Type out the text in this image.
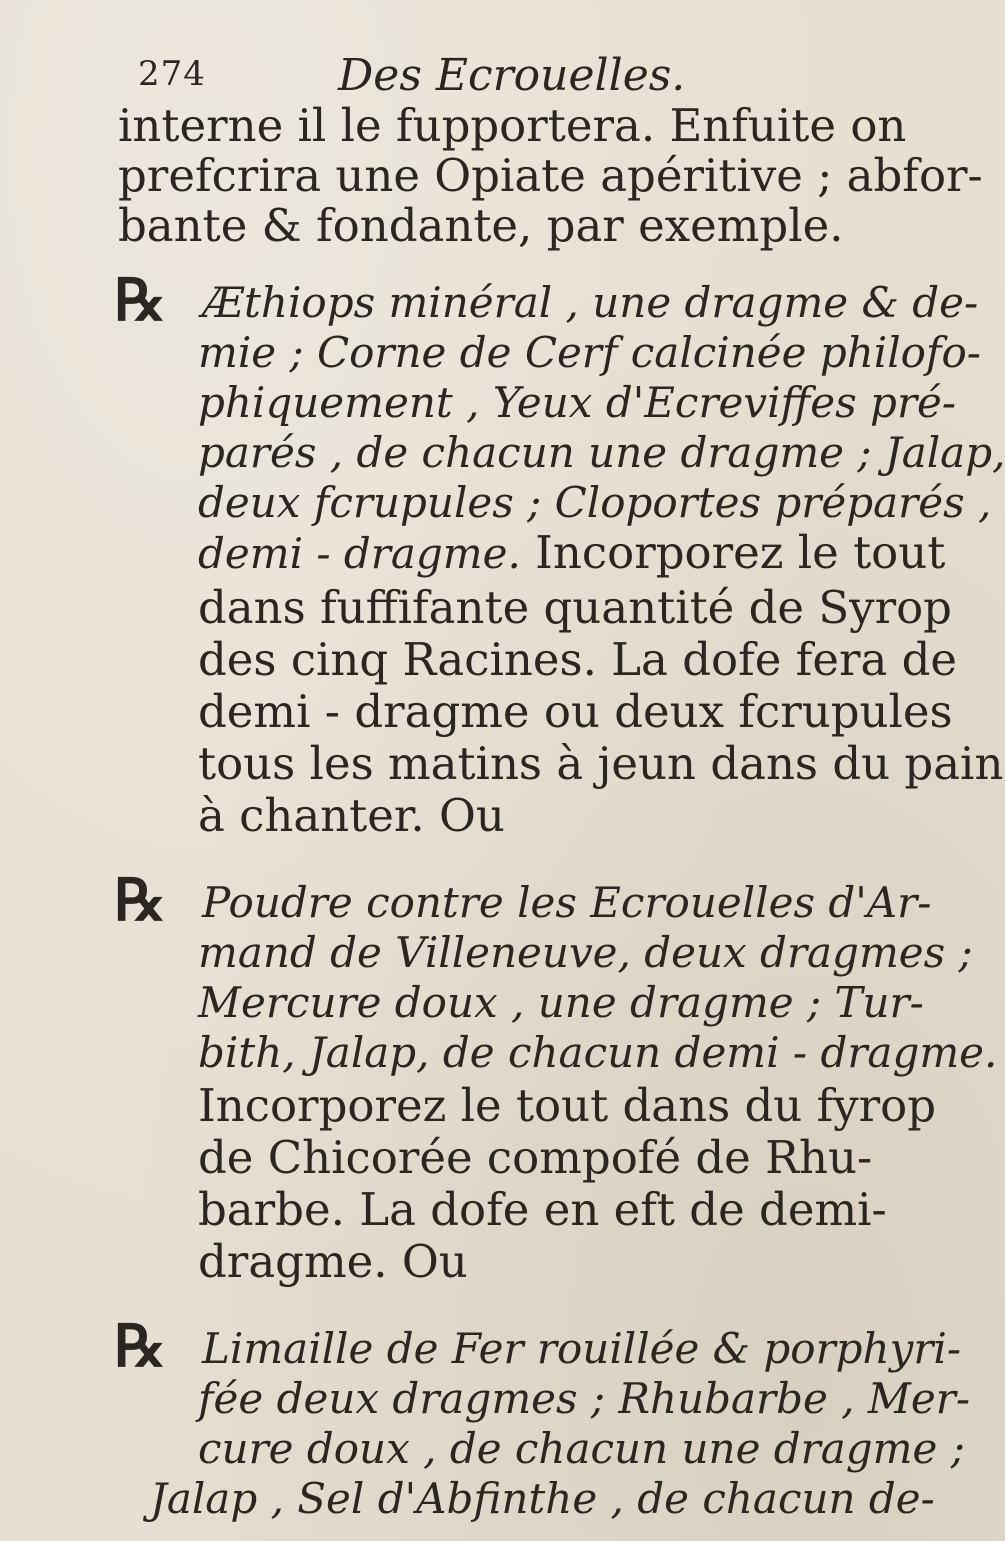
274	Des Ecrouelles.
interne il le fupportera. Enfuite on
prefcrira une Opiate apéritive ; abfor-
bante & fondante, par exemple.
℞ Æthiops minéral , une dragme & de-
mie ; Corne de Cerf calcinée philofo-
phiquement , Yeux d'Ecreviffes pré-
parés , de chacun une dragme ; Jalap,
deux fcrupules ; Cloportes préparés ,
demi - dragme. Incorporez le tout
dans fuffifante quantité de Syrop
des cinq Racines. La dofe fera de
demi - dragme ou deux fcrupules
tous les matins à jeun dans du pain
à chanter. Ou
℞ Poudre contre les Ecrouelles d'Ar-
mand de Villeneuve, deux dragmes ;
Mercure doux , une dragme ; Tur-
bith, Jalap, de chacun demi - dragme.
Incorporez le tout dans du fyrop
de Chicorée compofé de Rhu-
barbe. La dofe en eft de demi-
dragme. Ou
℞ Limaille de Fer rouillée & porphyri-
fée deux dragmes ; Rhubarbe , Mer-
cure doux , de chacun une dragme ;
Jalap , Sel d'Abfinthe , de chacun de-
